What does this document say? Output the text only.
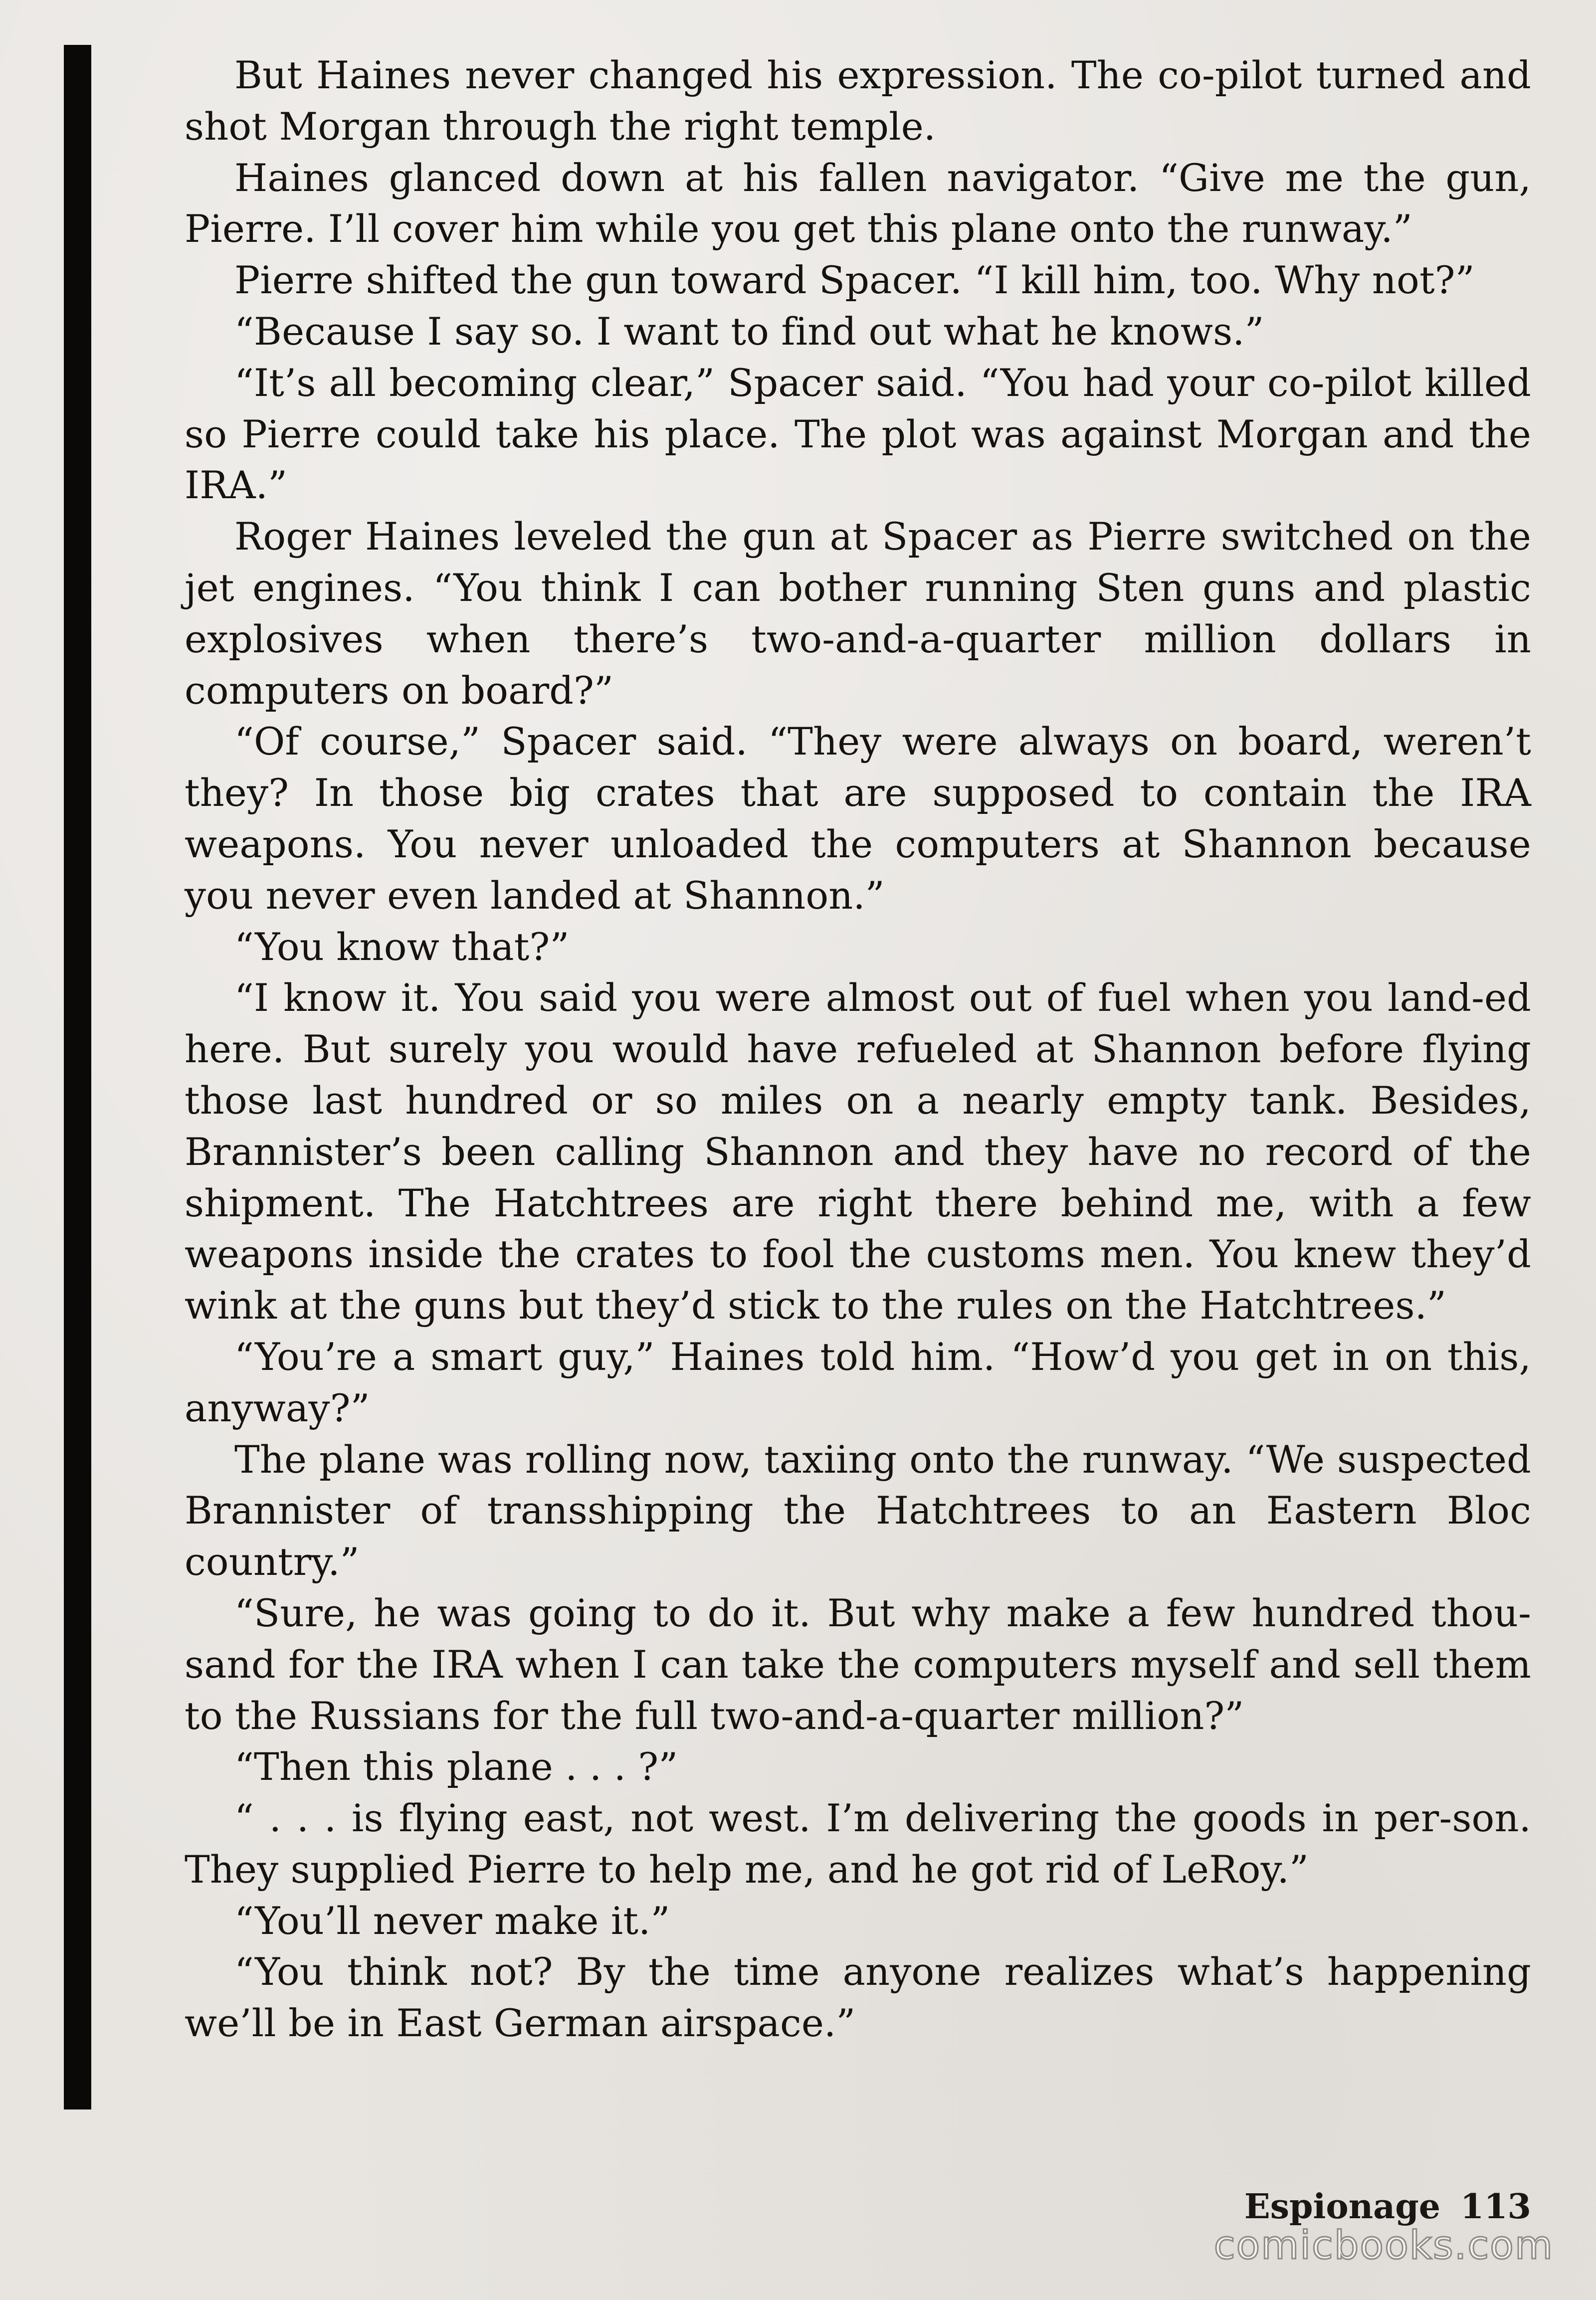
But Haines never changed his expression. The co-pilot turned and shot Morgan through the right temple.

Haines glanced down at his fallen navigator. “Give me the gun, Pierre. I’ll cover him while you get this plane onto the runway.”

Pierre shifted the gun toward Spacer. “I kill him, too. Why not?”

“Because I say so. I want to find out what he knows.”

“It’s all becoming clear,” Spacer said. “You had your co-pilot killed so Pierre could take his place. The plot was against Morgan and the IRA.”

Roger Haines leveled the gun at Spacer as Pierre switched on the jet engines. “You think I can bother running Sten guns and plastic explosives when there’s two-and-a-quarter million dollars in computers on board?”

“Of course,” Spacer said. “They were always on board, weren’t they? In those big crates that are supposed to contain the IRA weapons. You never unloaded the computers at Shannon because you never even landed at Shannon.”

“You know that?”

“I know it. You said you were almost out of fuel when you land-ed here. But surely you would have refueled at Shannon before flying those last hundred or so miles on a nearly empty tank. Besides, Brannister’s been calling Shannon and they have no record of the shipment. The Hatchtrees are right there behind me, with a few weapons inside the crates to fool the customs men. You knew they’d wink at the guns but they’d stick to the rules on the Hatchtrees.”

“You’re a smart guy,” Haines told him. “How’d you get in on this, anyway?”

The plane was rolling now, taxiing onto the runway. “We suspected Brannister of transshipping the Hatchtrees to an Eastern Bloc country.”

“Sure, he was going to do it. But why make a few hundred thou-sand for the IRA when I can take the computers myself and sell them to the Russians for the full two-and-a-quarter million?”

“Then this plane . . . ?”

“ . . . is flying east, not west. I’m delivering the goods in per-son. They supplied Pierre to help me, and he got rid of LeRoy.”

“You’ll never make it.”

“You think not? By the time anyone realizes what’s happening we’ll be in East German airspace.”

Espionage 113
comicbooks.com
